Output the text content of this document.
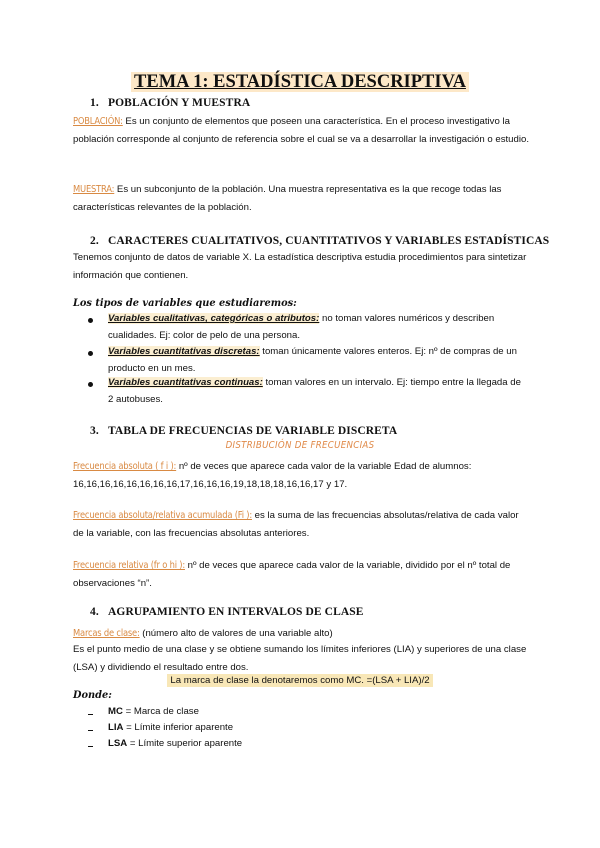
TEMA 1: ESTADÍSTICA DESCRIPTIVA
1. POBLACIÓN Y MUESTRA
POBLACIÓN: Es un conjunto de elementos que poseen una característica. En el proceso investigativo la población corresponde al conjunto de referencia sobre el cual se va a desarrollar la investigación o estudio.
MUESTRA: Es un subconjunto de la población. Una muestra representativa es la que recoge todas las características relevantes de la población.
2. CARACTERES CUALITATIVOS, CUANTITATIVOS Y VARIABLES ESTADÍSTICAS
Tenemos conjunto de datos de variable X. La estadística descriptiva estudia procedimientos para sintetizar información que contienen.
Los tipos de variables que estudiaremos:
Variables cualitativas, categóricas o atributos: no toman valores numéricos y describen cualidades. Ej: color de pelo de una persona.
Variables cuantitativas discretas: toman únicamente valores enteros. Ej: nº de compras de un producto en un mes.
Variables cuantitativas continuas: toman valores en un intervalo. Ej: tiempo entre la llegada de 2 autobuses.
3. TABLA DE FRECUENCIAS DE VARIABLE DISCRETA
DISTRIBUCIÓN DE FRECUENCIAS
Frecuencia absoluta ( f i ): nº de veces que aparece cada valor de la variable Edad de alumnos: 16,16,16,16,16,16,16,16,17,16,16,16,19,18,18,18,16,16,17 y 17.
Frecuencia absoluta/relativa acumulada (Fi ): es la suma de las frecuencias absolutas/relativa de cada valor de la variable, con las frecuencias absolutas anteriores.
Frecuencia relativa (fr o hi ): nº de veces que aparece cada valor de la variable, dividido por el nº total de observaciones “n”.
4. AGRUPAMIENTO EN INTERVALOS DE CLASE
Marcas de clase: (número alto de valores de una variable alto)
Es el punto medio de una clase y se obtiene sumando los límites inferiores (LIA) y superiores de una clase (LSA) y dividiendo el resultado entre dos.
La marca de clase la denotaremos como MC. =(LSA + LIA)/2
Donde:
MC = Marca de clase
LIA = Límite inferior aparente
LSA = Límite superior aparente
